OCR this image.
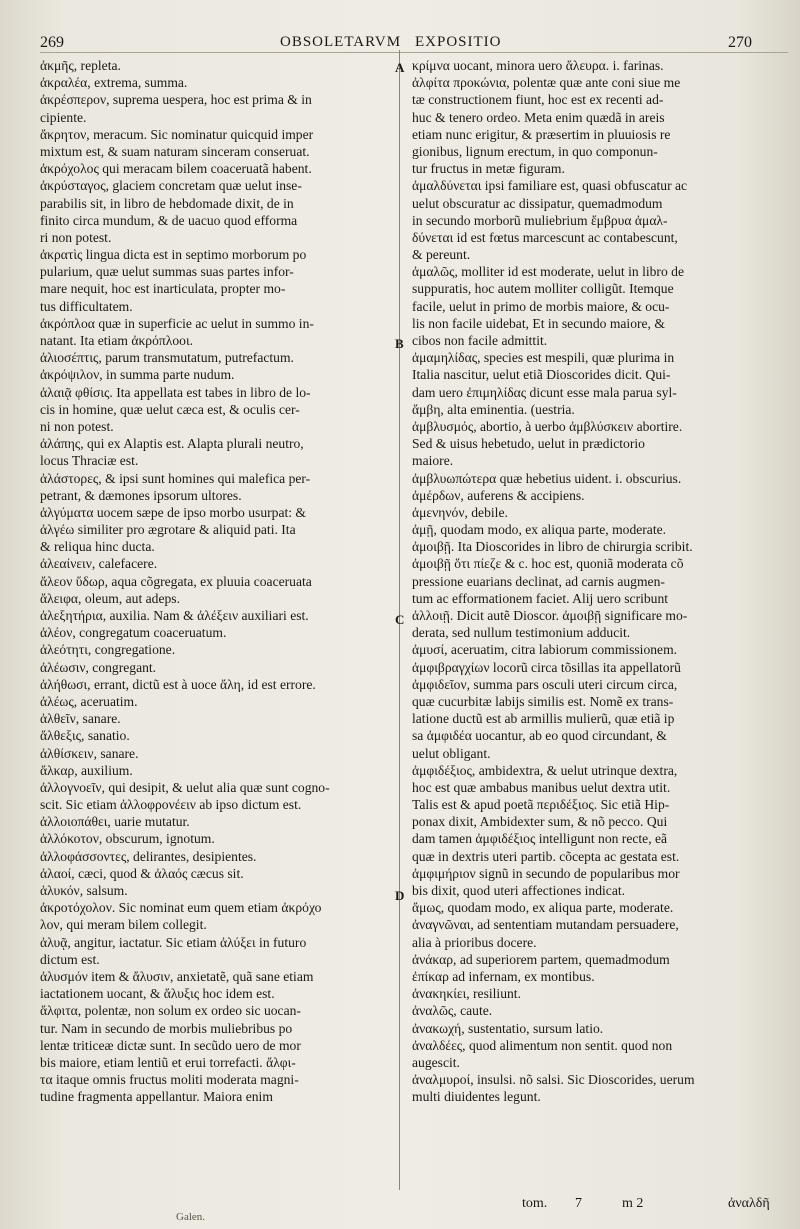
269	OBSOLETARVM EXPOSITIO	270
A
B
C
D
ἀκμῆς, repleta.
ἀκραλέα, extrema, summa.
ἀκρέσπερον, suprema uespera, hoc est prima & in
cipiente.
ἄκρητον, meracum. Sic nominatur quicquid imper
mixtum est, & suam naturam sinceram conseruat.
ἀκρόχολος qui meracam bilem coaceruatã habent.
ἀκρύσταγος, glaciem concretam quæ uelut inse-
parabilis sit, in libro de hebdomade dixit, de in
finito circa mundum, & de uacuo quod efforma
ri non potest.
ἀκρατὶς lingua dicta est in septimo morborum po
pularium, quæ uelut summas suas partes infor-
mare nequit, hoc est inarticulata, propter mo-
tus difficultatem.
ἀκρόπλοα quæ in superficie ac uelut in summo in-
natant. Ita etiam ἀκρόπλοοι.
ἀλιοσέπτις, parum transmutatum, putrefactum.
ἀκρόψιλον, in summa parte nudum.
ἀλαιᾷ φθίσις. Ita appellata est tabes in libro de lo-
cis in homine, quæ uelut cæca est, & oculis cer-
ni non potest.
ἀλάπης, qui ex Alaptis est. Alapta plurali neutro,
locus Thraciæ est.
ἀλάστορες, & ipsi sunt homines qui malefica per-
petrant, & dæmones ipsorum ultores.
ἀλγύματα uocem sæpe de ipso morbo usurpat: &
ἀλγέω similiter pro ægrotare & aliquid pati. Ita
& reliqua hinc ducta.
ἀλεαίνειν, calefacere.
ἄλεον ὕδωρ, aqua cõgregata, ex pluuia coaceruata
ἄλειφα, oleum, aut adeps.
ἀλεξητήρια, auxilia. Nam & ἀλέξειν auxiliari est.
ἀλέον, congregatum coaceruatum.
ἀλεότητι, congregatione.
ἀλέωσιν, congregant.
ἀλήθωσι, errant, dictũ est à uoce ἄλη, id est errore.
ἀλέως, aceruatim.
ἀλθεῖν, sanare.
ἄλθεξις, sanatio.
ἀλθίσκειν, sanare.
ἄλκαρ, auxilium.
ἀλλογνοεῖν, qui desipit, & uelut alia quæ sunt cogno-
scit. Sic etiam ἀλλοφρονέειν ab ipso dictum est.
ἀλλοιοπάθει, uarie mutatur.
ἀλλόκοτον, obscurum, ignotum.
ἀλλοφάσσοντες, delirantes, desipientes.
ἀλαοί, cæci, quod & ἀλαός cæcus sit.
ἁλυκόν, salsum.
ἀκροτόχολον. Sic nominat eum quem etiam ἀκρόχο
λον, qui meram bilem collegit.
ἀλυᾷ, angitur, iactatur. Sic etiam ἀλύξει in futuro
dictum est.
ἀλυσμόν item & ἄλυσιν, anxietatẽ, quã sane etiam
iactationem uocant, & ἄλυξις hoc idem est.
ἄλφιτα, polentæ, non solum ex ordeo sic uocan-
tur. Nam in secundo de morbis muliebribus po
lentæ triticeæ dictæ sunt. In secũdo uero de mor
bis maiore, etiam lentiũ et erui torrefacti. ἄλφι-
τα itaque omnis fructus moliti moderata magni-
tudine fragmenta appellantur. Maiora enim
κρίμνα uocant, minora uero ἄλευρα. i. farinas.
ἀλφίτα προκώνια, polentæ quæ ante coni siue me
tæ constructionem fiunt, hoc est ex recenti ad-
huc & tenero ordeo. Meta enim quædã in areis
etiam nunc erigitur, & præsertim in pluuiosis re
gionibus, lignum erectum, in quo componun-
tur fructus in metæ figuram.
ἀμαλδύνεται ipsi familiare est, quasi obfuscatur ac
uelut obscuratur ac dissipatur, quemadmodum
in secundo morborũ muliebrium ἔμβρυα ἀμαλ-
δύνεται id est fœtus marcescunt ac contabescunt,
& pereunt.
ἀμαλῶς, molliter id est moderate, uelut in libro de
suppuratis, hoc autem molliter colligũt. Itemque
facile, uelut in primo de morbis maiore, & ocu-
lis non facile uidebat, Et in secundo maiore, &
cibos non facile admittit.
ἀμαμηλίδας, species est mespili, quæ plurima in
Italia nascitur, uelut etiã Dioscorides dicit. Qui-
dam uero ἐπιμηλίδας dicunt esse mala parua syl-
ἄμβη, alta eminentia. (uestria.
ἀμβλυσμός, abortio, à uerbo ἀμβλύσκειν abortire.
Sed & uisus hebetudo, uelut in prædictorio
maiore.
ἀμβλυωπώτερα quæ hebetius uident. i. obscurius.
ἀμέρδων, auferens & accipiens.
ἀμενηνόν, debile.
ἀμῇ, quodam modo, ex aliqua parte, moderate.
ἀμοιβῇ. Ita Dioscorides in libro de chirurgia scribit.
ἀμοιβῇ ὅτι πίεζε & c. hoc est, quoniã moderata cõ
pressione euarians declinat, ad carnis augmen-
tum ac efformationem faciet. Alij uero scribunt
ἀλλοιῇ. Dicit autẽ Dioscor. ἀμοιβῇ significare mo-
derata, sed nullum testimonium adducit.
ἀμυσί, aceruatim, citra labiorum commissionem.
ἀμφιβραγχίων locorũ circa tõsillas ita appellatorũ
ἀμφιδεῖον, summa pars osculi uteri circum circa,
quæ cucurbitæ labijs similis est. Nomẽ ex trans-
latione ductũ est ab armillis mulierũ, quæ etiã ip
sa ἀμφιδέα uocantur, ab eo quod circundant, &
uelut obligant.
ἀμφιδέξιος, ambidextra, & uelut utrinque dextra,
hoc est quæ ambabus manibus uelut dextra utit.
Talis est & apud poetã περιδέξιος. Sic etiã Hip-
ponax dixit, Ambidexter sum, & nõ pecco. Qui
dam tamen ἀμφιδέξιος intelligunt non recte, eã
quæ in dextris uteri partib. cõcepta ac gestata est.
ἀμφιμήριον signũ in secundo de popularibus mor
bis dixit, quod uteri affectiones indicat.
ἄμως, quodam modo, ex aliqua parte, moderate.
ἀναγνῶναι, ad sententiam mutandam persuadere,
alia à prioribus docere.
ἀνάκαρ, ad superiorem partem, quemadmodum
ἐπίκαρ ad infernam, ex montibus.
ἀνακηκίει, resiliunt.
ἀναλῶς, caute.
ἀνακωχή, sustentatio, sursum latio.
ἀναλδέες, quod alimentum non sentit. quod non
augescit.
ἀναλμυροί, insulsi. nõ salsi. Sic Dioscorides, uerum
multi diuidentes legunt.
Galen.
tom. 7	m 2	ἀναλδῆ
